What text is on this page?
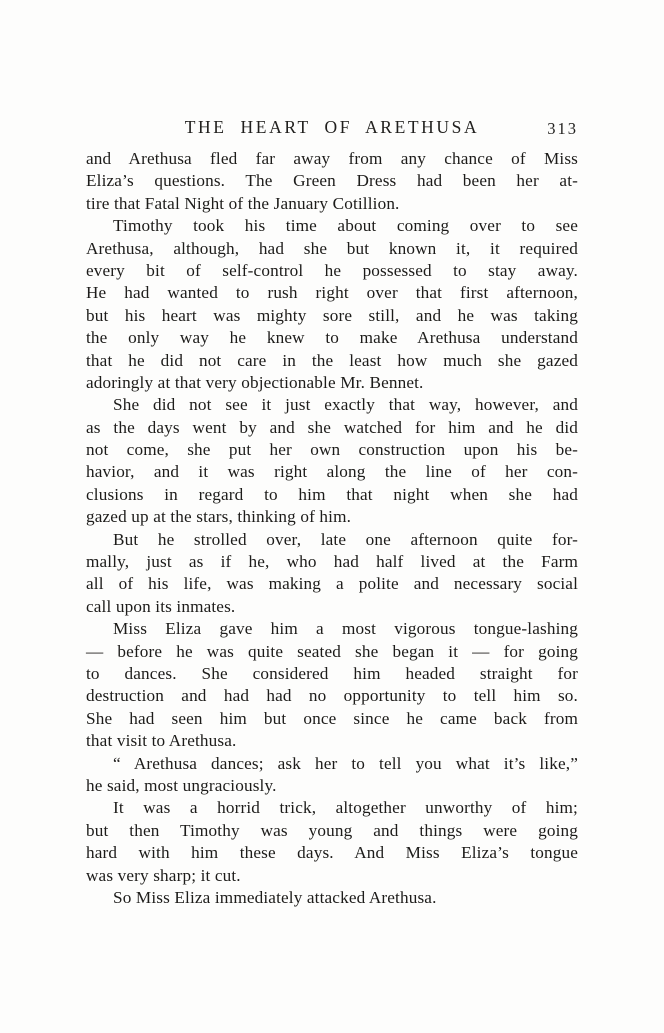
THE HEART OF ARETHUSA	313
and Arethusa fled far away from any chance of Miss
Eliza’s questions. The Green Dress had been her at-
tire that Fatal Night of the January Cotillion.
Timothy took his time about coming over to see
Arethusa, although, had she but known it, it required
every bit of self-control he possessed to stay away.
He had wanted to rush right over that first afternoon,
but his heart was mighty sore still, and he was taking
the only way he knew to make Arethusa understand
that he did not care in the least how much she gazed
adoringly at that very objectionable Mr. Bennet.
She did not see it just exactly that way, however, and
as the days went by and she watched for him and he did
not come, she put her own construction upon his be-
havior, and it was right along the line of her con-
clusions in regard to him that night when she had
gazed up at the stars, thinking of him.
But he strolled over, late one afternoon quite for-
mally, just as if he, who had half lived at the Farm
all of his life, was making a polite and necessary social
call upon its inmates.
Miss Eliza gave him a most vigorous tongue-lashing
— before he was quite seated she began it — for going
to dances. She considered him headed straight for
destruction and had had no opportunity to tell him so.
She had seen him but once since he came back from
that visit to Arethusa.
“ Arethusa dances; ask her to tell you what it’s like,”
he said, most ungraciously.
It was a horrid trick, altogether unworthy of him;
but then Timothy was young and things were going
hard with him these days. And Miss Eliza’s tongue
was very sharp; it cut.
So Miss Eliza immediately attacked Arethusa.
